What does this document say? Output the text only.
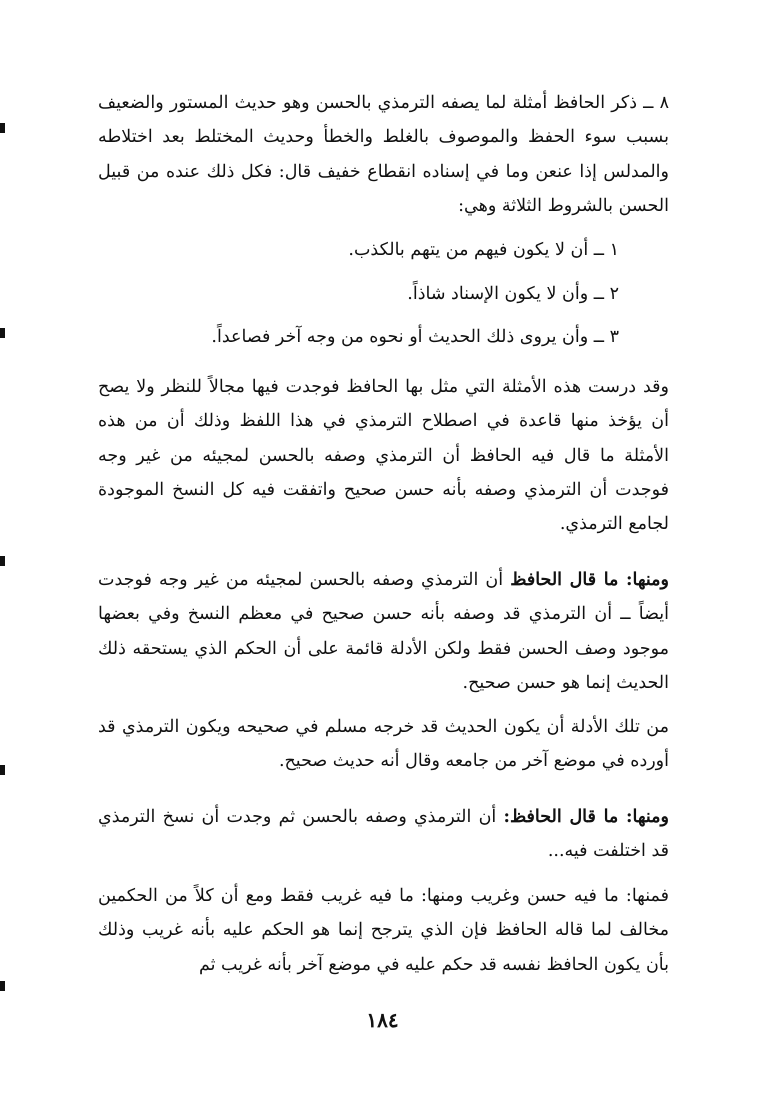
٨ ــ ذكر الحافظ أمثلة لما يصفه الترمذي بالحسن وهو حديث المستور والضعيف بسبب سوء الحفظ والموصوف بالغلط والخطأ وحديث المختلط بعد اختلاطه والمدلس إذا عنعن وما في إسناده انقطاع خفيف قال: فكل ذلك عنده من قبيل الحسن بالشروط الثلاثة وهي:
١ ــ أن لا يكون فيهم من يتهم بالكذب.
٢ ــ وأن لا يكون الإسناد شاذاً.
٣ ــ وأن يروى ذلك الحديث أو نحوه من وجه آخر فصاعداً.
وقد درست هذه الأمثلة التي مثل بها الحافظ فوجدت فيها مجالاً للنظر ولا يصح أن يؤخذ منها قاعدة في اصطلاح الترمذي في هذا اللفظ وذلك أن من هذه الأمثلة ما قال فيه الحافظ أن الترمذي وصفه بالحسن لمجيئه من غير وجه فوجدت أن الترمذي وصفه بأنه حسن صحيح واتفقت فيه كل النسخ الموجودة لجامع الترمذي.
ومنها: ما قال الحافظ أن الترمذي وصفه بالحسن لمجيئه من غير وجه فوجدت أيضاً ــ أن الترمذي قد وصفه بأنه حسن صحيح في معظم النسخ وفي بعضها موجود وصف الحسن فقط ولكن الأدلة قائمة على أن الحكم الذي يستحقه ذلك الحديث إنما هو حسن صحيح.
من تلك الأدلة أن يكون الحديث قد خرجه مسلم في صحيحه ويكون الترمذي قد أورده في موضع آخر من جامعه وقال أنه حديث صحيح.
ومنها: ما قال الحافظ: أن الترمذي وصفه بالحسن ثم وجدت أن نسخ الترمذي قد اختلفت فيه...
فمنها: ما فيه حسن وغريب ومنها: ما فيه غريب فقط ومع أن كلاً من الحكمين مخالف لما قاله الحافظ فإن الذي يترجح إنما هو الحكم عليه بأنه غريب وذلك بأن يكون الحافظ نفسه قد حكم عليه في موضع آخر بأنه غريب ثم
١٨٤
